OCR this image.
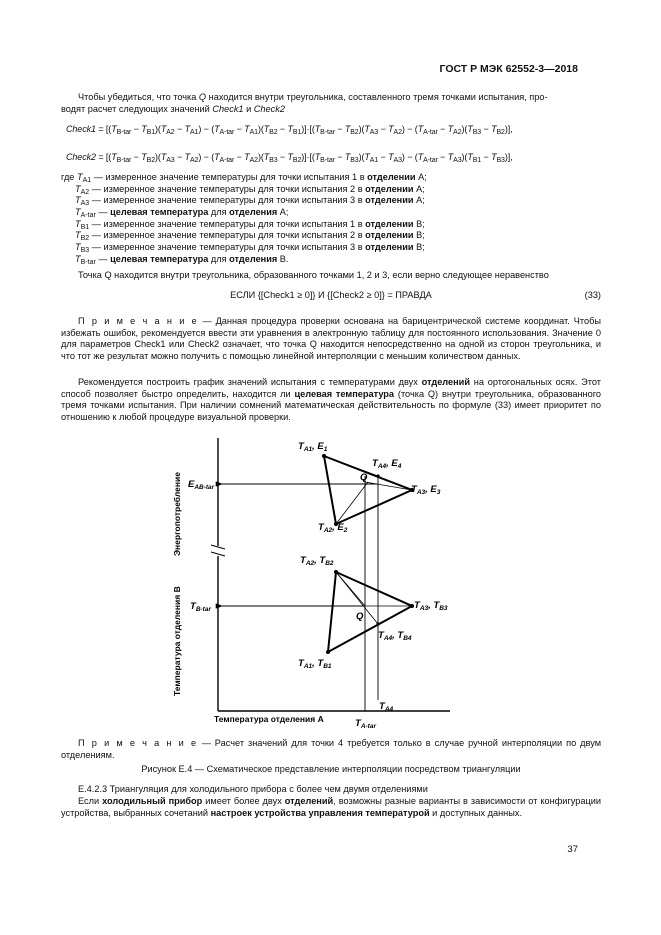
ГОСТ Р МЭК 62552-3—2018
Чтобы убедиться, что точка Q находится внутри треугольника, составленного тремя точками испытания, про-
водят расчет следующих значений Check1 и Check2
Check1 = $[(T_{B-tar} - T_{B1})(T_{A2} - T_{A1}) - (T_{A-tar} - T_{A1})(T_{B2} - T_{B1})]\cdot[(T_{B-tar} - T_{B2})(T_{A3} - T_{A2}) - (T_{A-tar} - T_{A2})(T_{B3} - T_{B2})]$,
Check2 = $[(T_{B-tar} - T_{B2})(T_{A3} - T_{A2}) - (T_{A-tar} - T_{A2})(T_{B3} - T_{B2})]\cdot[(T_{B-tar} - T_{B3})(T_{A1} - T_{A3}) - (T_{A-tar} - T_{A3})(T_{B1} - T_{B3})]$,
где $T_{A1}$ — измеренное значение температуры для точки испытания 1 в отделении A;
$T_{A2}$ — измеренное значение температуры для точки испытания 2 в отделении A;
$T_{A3}$ — измеренное значение температуры для точки испытания 3 в отделении A;
$T_{A-tar}$ — целевая температура для отделения A;
$T_{B1}$ — измеренное значение температуры для точки испытания 1 в отделении B;
$T_{B2}$ — измеренное значение температуры для точки испытания 2 в отделении B;
$T_{B3}$ — измеренное значение температуры для точки испытания 3 в отделении B;
$T_{B-tar}$ — целевая температура для отделения B.
Точка Q находится внутри треугольника, образованного точками 1, 2 и 3, если верно следующее неравенство
ЕСЛИ {[Check1 ≥ 0]} И {[Check2 ≥ 0]} = ПРАВДА	(33)
П р и м е ч а н и е — Данная процедура проверки основана на барицентрической системе координат. Чтобы избежать ошибок, рекомендуется ввести эти уравнения в электронную таблицу для постоянного использования. Значение 0 для параметров Check1 или Check2 означает, что точка Q находится непосредственно на одной из сторон треугольника, и что тот же результат можно получить с помощью линейной интерполяции с меньшим количеством данных.
Рекомендуется построить график значений испытания с температурами двух отделений на ортогональных осях. Этот способ позволяет быстро определить, находится ли целевая температура (точка Q) внутри треугольника, образованного тремя точками испытания. При наличии сомнений математическая действительность по формуле (33) имеет приоритет по отношению к любой процедуре визуальной проверки.
$T_{A1}$, $E_1$
$T_{A4}$, $E_4$
$T_{A3}$, $E_3$
$T_{A2}$, $E_2$
Q
$T_{A2}$, $T_{B2}$
$T_{A3}$, $T_{B3}$
Q
$T_{A4}$, $T_{B4}$
$T_{A1}$, $T_{B1}$
$E_{AB-tar}$
$T_{B-tar}$
$T_{A4}$
$T_{A-tar}$
Температура отделения A
Энергопотребление
Температура отделения B
П р и м е ч а н и е — Расчет значений для точки 4 требуется только в случае ручной интерполяции по двум отделениям.
Рисунок Е.4 — Схематическое представление интерполяции посредством триангуляции
Е.4.2.3 Триангуляция для холодильного прибора с более чем двумя отделениями
Если холодильный прибор имеет более двух отделений, возможны разные варианты в зависимости от конфигурации устройства, выбранных сочетаний настроек устройства управления температурой и доступных данных.
37
